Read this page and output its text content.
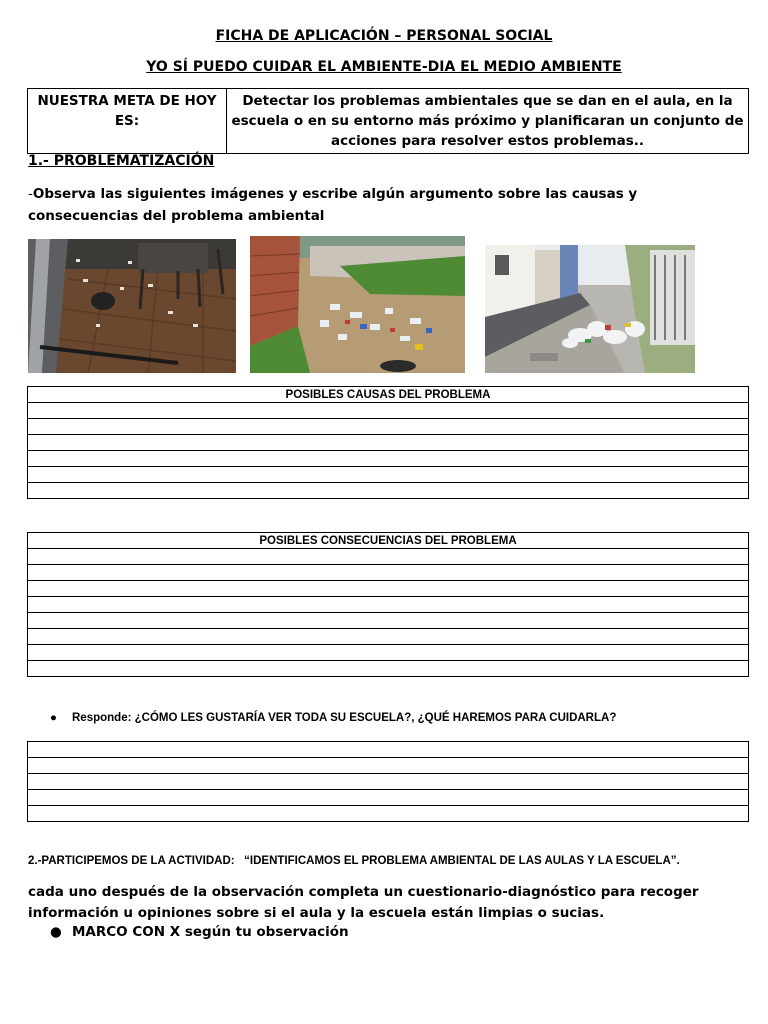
FICHA DE APLICACIÓN – PERSONAL SOCIAL
YO SÍ PUEDO CUIDAR EL AMBIENTE-DIA EL MEDIO AMBIENTE
NUESTRA META DE HOY ES:	Detectar los problemas ambientales que se dan en el aula, en la escuela o en su entorno más próximo y planificaran un conjunto de acciones para resolver estos problemas..
1.- PROBLEMATIZACIÓN
-Observa las siguientes imágenes y escribe algún argumento sobre las causas y consecuencias del problema ambiental
POSIBLES CAUSAS DEL PROBLEMA

POSIBLES CONSECUENCIAS DEL PROBLEMA

● Responde: ¿CÓMO LES GUSTARÍA VER TODA SU ESCUELA?, ¿QUÉ HAREMOS PARA CUIDARLA?

2.-PARTICIPEMOS DE LA ACTIVIDAD:   “IDENTIFICAMOS EL PROBLEMA AMBIENTAL DE LAS AULAS Y LA ESCUELA”.
cada uno después de la observación completa un cuestionario-diagnóstico para recoger información u opiniones sobre si el aula y la escuela están limpias o sucias.
● MARCO CON X según tu observación
